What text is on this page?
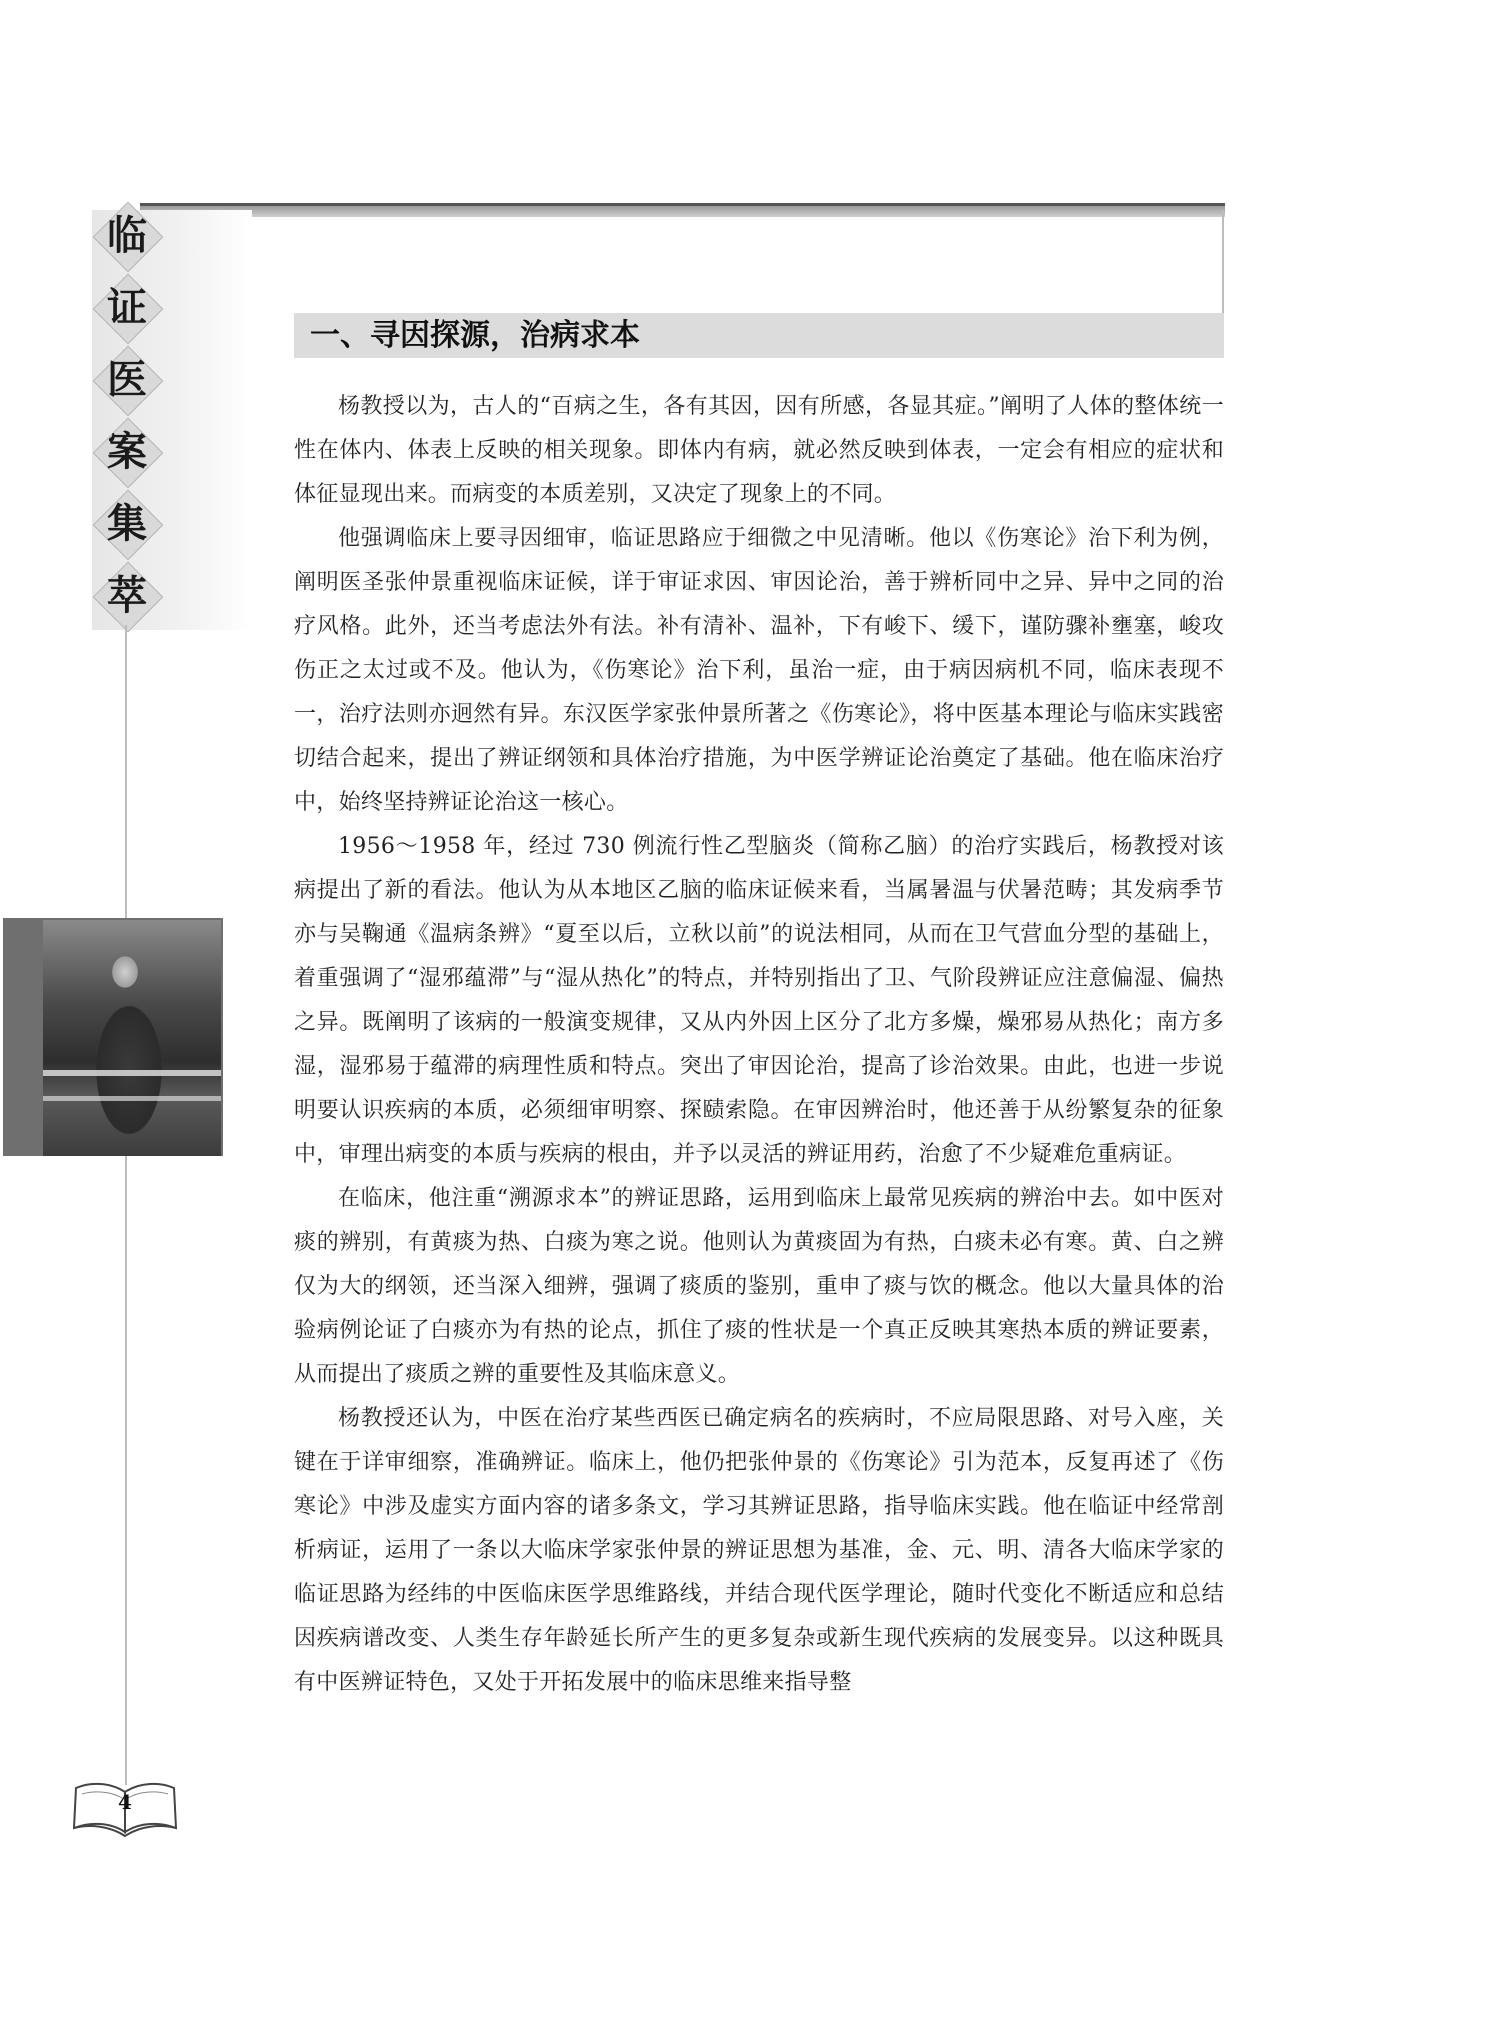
临
证
医
案
集
萃
一、寻因探源，治病求本

杨教授以为，古人的“百病之生，各有其因，因有所感，各显其症。”阐明了人体的整体统一性在体内、体表上反映的相关现象。即体内有病，就必然反映到体表，一定会有相应的症状和体征显现出来。而病变的本质差别，又决定了现象上的不同。

他强调临床上要寻因细审，临证思路应于细微之中见清晰。他以《伤寒论》治下利为例，阐明医圣张仲景重视临床证候，详于审证求因、审因论治，善于辨析同中之异、异中之同的治疗风格。此外，还当考虑法外有法。补有清补、温补，下有峻下、缓下，谨防骤补壅塞，峻攻伤正之太过或不及。他认为，《伤寒论》治下利，虽治一症，由于病因病机不同，临床表现不一，治疗法则亦迥然有异。东汉医学家张仲景所著之《伤寒论》，将中医基本理论与临床实践密切结合起来，提出了辨证纲领和具体治疗措施，为中医学辨证论治奠定了基础。他在临床治疗中，始终坚持辨证论治这一核心。

1956～1958 年，经过 730 例流行性乙型脑炎（简称乙脑）的治疗实践后，杨教授对该病提出了新的看法。他认为从本地区乙脑的临床证候来看，当属暑温与伏暑范畴；其发病季节亦与吴鞠通《温病条辨》“夏至以后，立秋以前”的说法相同，从而在卫气营血分型的基础上，着重强调了“湿邪蕴滞”与“湿从热化”的特点，并特别指出了卫、气阶段辨证应注意偏湿、偏热之异。既阐明了该病的一般演变规律，又从内外因上区分了北方多燥，燥邪易从热化；南方多湿，湿邪易于蕴滞的病理性质和特点。突出了审因论治，提高了诊治效果。由此，也进一步说明要认识疾病的本质，必须细审明察、探赜索隐。在审因辨治时，他还善于从纷繁复杂的征象中，审理出病变的本质与疾病的根由，并予以灵活的辨证用药，治愈了不少疑难危重病证。

在临床，他注重“溯源求本”的辨证思路，运用到临床上最常见疾病的辨治中去。如中医对痰的辨别，有黄痰为热、白痰为寒之说。他则认为黄痰固为有热，白痰未必有寒。黄、白之辨仅为大的纲领，还当深入细辨，强调了痰质的鉴别，重申了痰与饮的概念。他以大量具体的治验病例论证了白痰亦为有热的论点，抓住了痰的性状是一个真正反映其寒热本质的辨证要素，从而提出了痰质之辨的重要性及其临床意义。

杨教授还认为，中医在治疗某些西医已确定病名的疾病时，不应局限思路、对号入座，关键在于详审细察，准确辨证。临床上，他仍把张仲景的《伤寒论》引为范本，反复再述了《伤寒论》中涉及虚实方面内容的诸多条文，学习其辨证思路，指导临床实践。他在临证中经常剖析病证，运用了一条以大临床学家张仲景的辨证思想为基准，金、元、明、清各大临床学家的临证思路为经纬的中医临床医学思维路线，并结合现代医学理论，随时代变化不断适应和总结因疾病谱改变、人类生存年龄延长所产生的更多复杂或新生现代疾病的发展变异。以这种既具有中医辨证特色，又处于开拓发展中的临床思维来指导整

4
